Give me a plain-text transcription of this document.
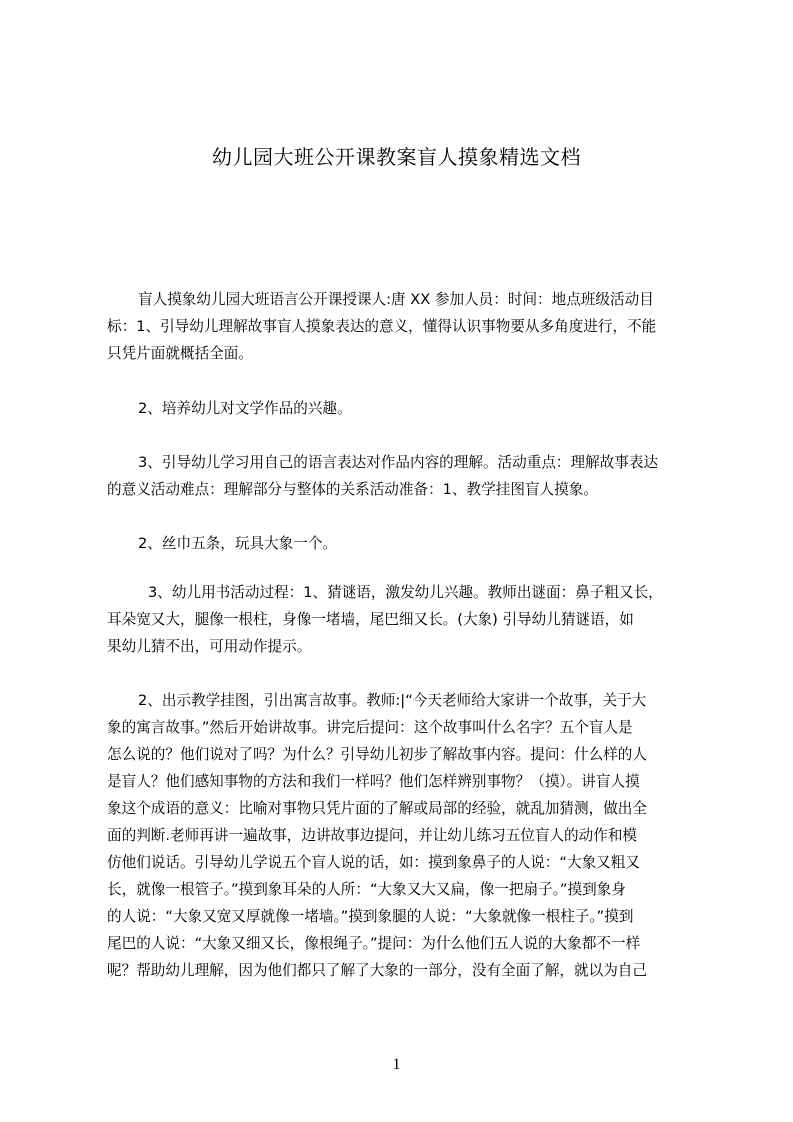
幼儿园大班公开课教案盲人摸象精选文档
盲人摸象幼儿园大班语言公开课授课人:唐 XX 参加人员：时间：地点班级活动目
标：1、引导幼儿理解故事盲人摸象表达的意义，懂得认识事物要从多角度进行，不能
只凭片面就概括全面。
2、培养幼儿对文学作品的兴趣。
3、引导幼儿学习用自己的语言表达对作品内容的理解。活动重点：理解故事表达
的意义活动难点：理解部分与整体的关系活动准备：1、教学挂图盲人摸象。
2、丝巾五条，玩具大象一个。
3、幼儿用书活动过程：1、猜谜语，激发幼儿兴趣。教师出谜面：鼻子粗又长，
耳朵宽又大，腿像一根柱，身像一堵墙，尾巴细又长。(大象) 引导幼儿猜谜语，如
果幼儿猜不出，可用动作提示。
2、出示教学挂图，引出寓言故事。教师:|“今天老师给大家讲一个故事，关于大
象的寓言故事。”然后开始讲故事。讲完后提问：这个故事叫什么名字？五个盲人是
怎么说的？他们说对了吗？为什么？引导幼儿初步了解故事内容。提问：什么样的人
是盲人？他们感知事物的方法和我们一样吗？他们怎样辨别事物？（摸）。讲盲人摸
象这个成语的意义：比喻对事物只凭片面的了解或局部的经验，就乱加猜测，做出全
面的判断.老师再讲一遍故事，边讲故事边提问，并让幼儿练习五位盲人的动作和模
仿他们说话。引导幼儿学说五个盲人说的话，如：摸到象鼻子的人说：“大象又粗又
长，就像一根管子。”摸到象耳朵的人所：“大象又大又扁，像一把扇子。”摸到象身
的人说：“大象又宽又厚就像一堵墙。”摸到象腿的人说：“大象就像一根柱子。”摸到
尾巴的人说：“大象又细又长，像根绳子。”提问：为什么他们五人说的大象都不一样
呢？帮助幼儿理解，因为他们都只了解了大象的一部分，没有全面了解，就以为自己
1
